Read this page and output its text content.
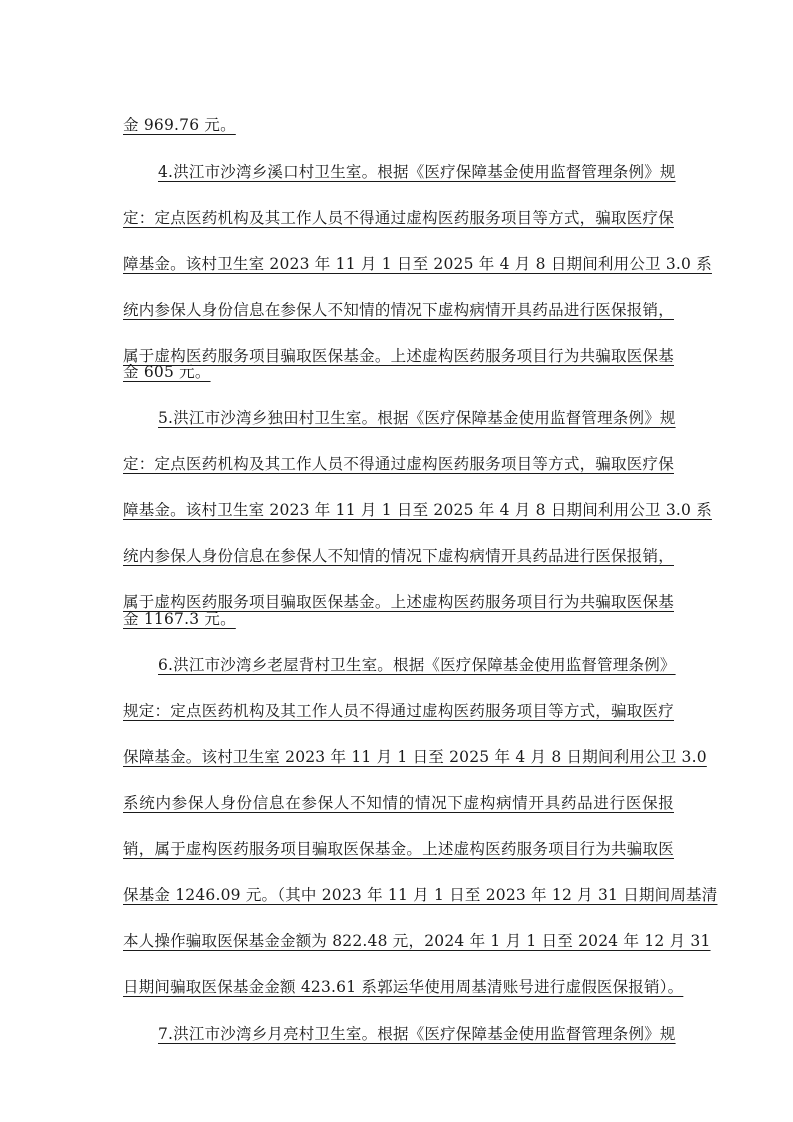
金 969.76 元。
4.洪江市沙湾乡溪口村卫生室。根据《医疗保障基金使用监督管理条例》规
定：定点医药机构及其工作人员不得通过虚构医药服务项目等方式，骗取医疗保
障基金。该村卫生室 2023 年 11 月 1 日至 2025 年 4 月 8 日期间利用公卫 3.0 系
统内参保人身份信息在参保人不知情的情况下虚构病情开具药品进行医保报销，
属于虚构医药服务项目骗取医保基金。上述虚构医药服务项目行为共骗取医保基
金 605 元。
5.洪江市沙湾乡独田村卫生室。根据《医疗保障基金使用监督管理条例》规
定：定点医药机构及其工作人员不得通过虚构医药服务项目等方式，骗取医疗保
障基金。该村卫生室 2023 年 11 月 1 日至 2025 年 4 月 8 日期间利用公卫 3.0 系
统内参保人身份信息在参保人不知情的情况下虚构病情开具药品进行医保报销，
属于虚构医药服务项目骗取医保基金。上述虚构医药服务项目行为共骗取医保基
金 1167.3 元。
6.洪江市沙湾乡老屋背村卫生室。根据《医疗保障基金使用监督管理条例》
规定：定点医药机构及其工作人员不得通过虚构医药服务项目等方式，骗取医疗
保障基金。该村卫生室 2023 年 11 月 1 日至 2025 年 4 月 8 日期间利用公卫 3.0
系统内参保人身份信息在参保人不知情的情况下虚构病情开具药品进行医保报
销，属于虚构医药服务项目骗取医保基金。上述虚构医药服务项目行为共骗取医
保基金 1246.09 元。（其中 2023 年 11 月 1 日至 2023 年 12 月 31 日期间周基清
本人操作骗取医保基金金额为 822.48 元，2024 年 1 月 1 日至 2024 年 12 月 31
日期间骗取医保基金金额 423.61 系郭运华使用周基清账号进行虚假医保报销）。
7.洪江市沙湾乡月亮村卫生室。根据《医疗保障基金使用监督管理条例》规
